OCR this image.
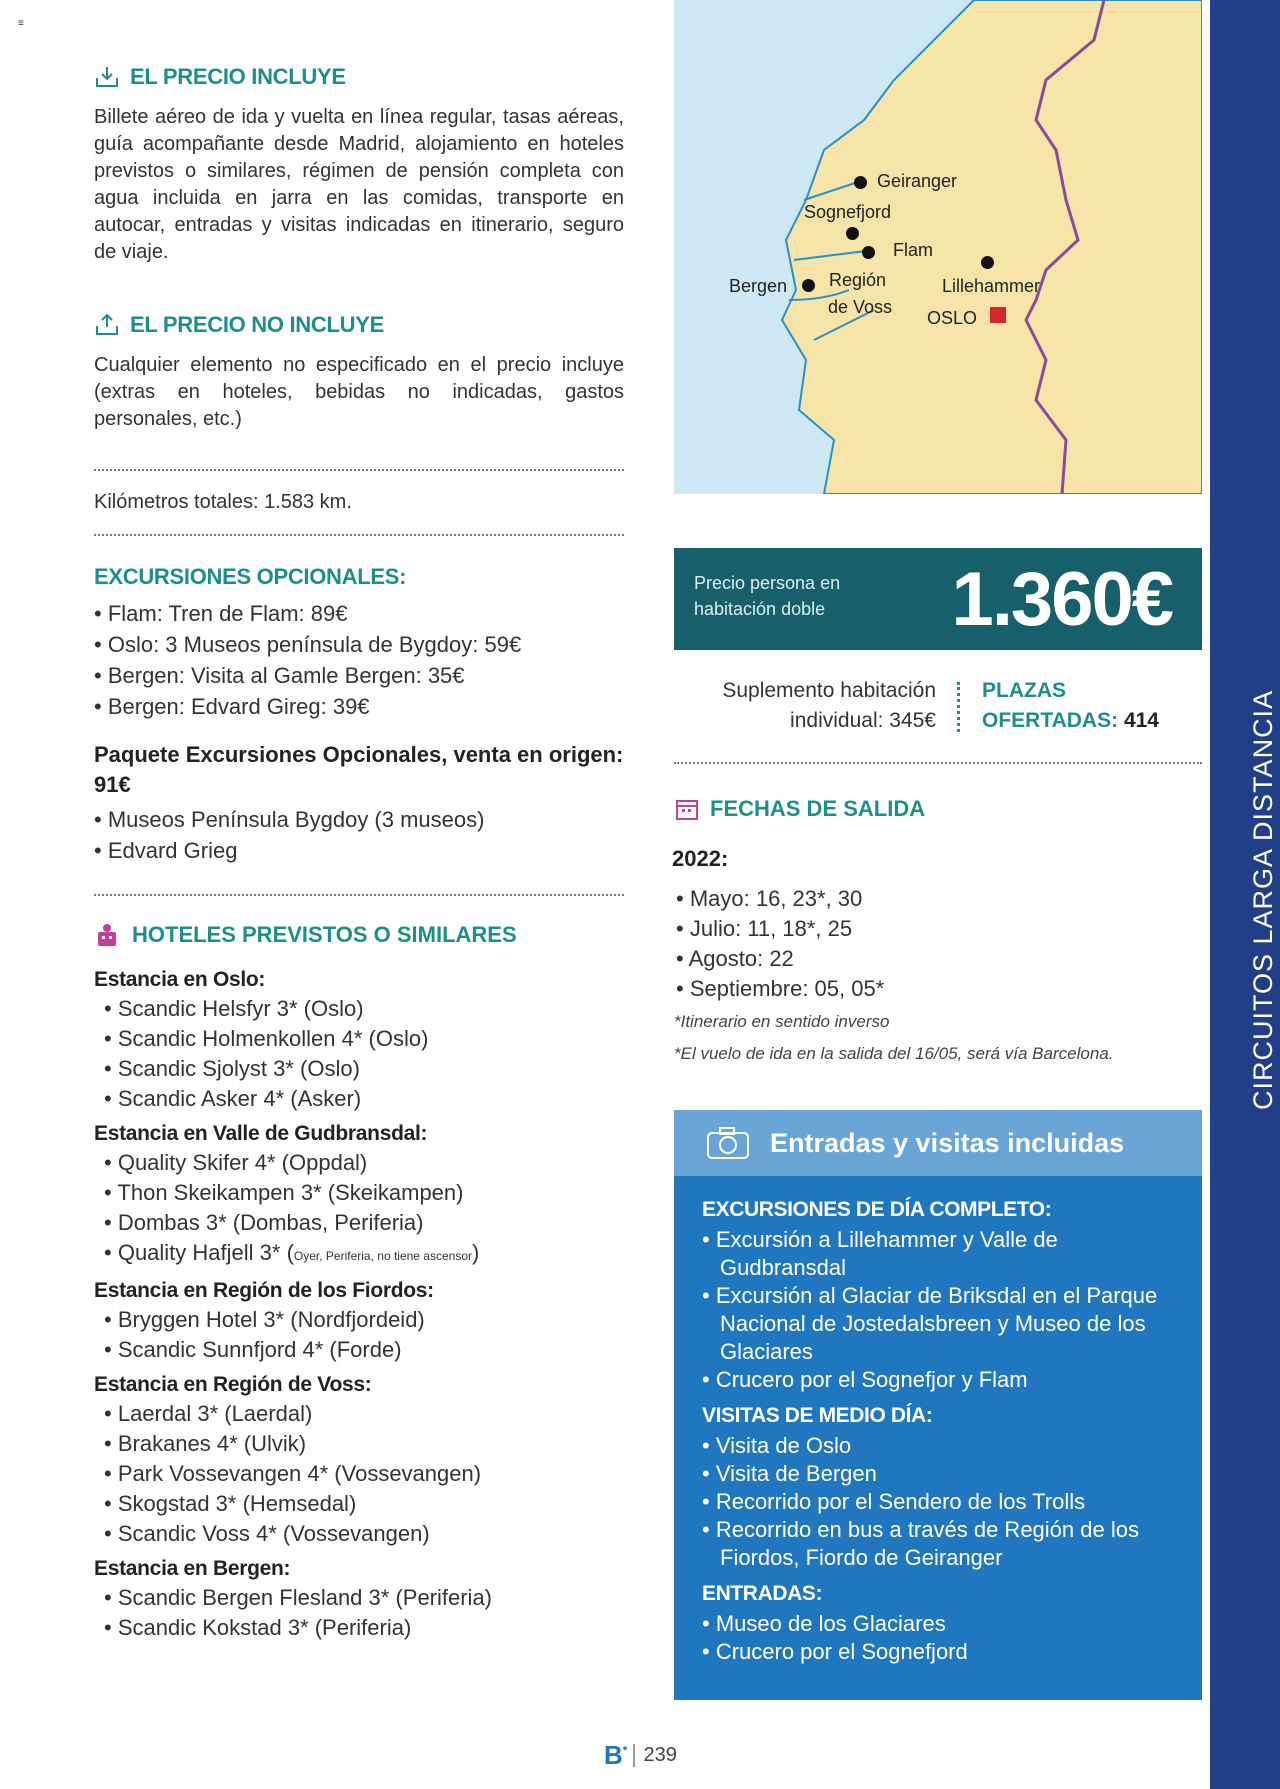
≡
EL PRECIO INCLUYE
Billete aéreo de ida y vuelta en línea regular, tasas aéreas, guía acompañante desde Madrid, alojamiento en hoteles previstos o similares, régimen de pensión completa con agua incluida en jarra en las comidas, transporte en autocar, entradas y visitas indicadas en itinerario, seguro de viaje.
EL PRECIO NO INCLUYE
Cualquier elemento no especificado en el precio incluye (extras en hoteles, bebidas no indicadas, gastos personales, etc.)
Kilómetros totales: 1.583 km.
EXCURSIONES OPCIONALES:
• Flam: Tren de Flam: 89€
• Oslo: 3 Museos península de Bygdoy: 59€
• Bergen: Visita al Gamle Bergen: 35€
• Bergen: Edvard Gireg: 39€
Paquete Excursiones Opcionales, venta en origen: 91€
• Museos Península Bygdoy (3 museos)
• Edvard Grieg
HOTELES PREVISTOS O SIMILARES
Estancia en Oslo:
• Scandic Helsfyr 3* (Oslo)
• Scandic Holmenkollen 4* (Oslo)
• Scandic Sjolyst 3* (Oslo)
• Scandic Asker 4* (Asker)
Estancia en Valle de Gudbransdal:
• Quality Skifer 4* (Oppdal)
• Thon Skeikampen 3* (Skeikampen)
• Dombas 3* (Dombas, Periferia)
• Quality Hafjell 3* (Oyer, Periferia, no tiene ascensor)
Estancia en Región de los Fiordos:
• Bryggen Hotel 3* (Nordfjordeid)
• Scandic Sunnfjord 4* (Forde)
Estancia en Región de Voss:
• Laerdal 3* (Laerdal)
• Brakanes 4* (Ulvik)
• Park Vossevangen 4* (Vossevangen)
• Skogstad 3* (Hemsedal)
• Scandic Voss 4* (Vossevangen)
Estancia en Bergen:
• Scandic Bergen Flesland 3* (Periferia)
• Scandic Kokstad 3* (Periferia)
Geiranger
Sognefjord
Flam
Bergen Región
de Voss
Lillehammer
OSLO
Precio persona en habitación doble	1.360€
Suplemento habitación
individual: 345€
PLAZAS
OFERTADAS: 414
FECHAS DE SALIDA
2022:
• Mayo: 16, 23*, 30
• Julio: 11, 18*, 25
• Agosto: 22
• Septiembre: 05, 05*
*Itinerario en sentido inverso
*El vuelo de ida en la salida del 16/05, será vía Barcelona.
Entradas y visitas incluidas
EXCURSIONES DE DÍA COMPLETO:
• Excursión a Lillehammer y Valle de Gudbransdal
• Excursión al Glaciar de Briksdal en el Parque Nacional de Jostedalsbreen y Museo de los Glaciares
• Crucero por el Sognefjor y Flam
VISITAS DE MEDIO DÍA:
• Visita de Oslo
• Visita de Bergen
• Recorrido por el Sendero de los Trolls
• Recorrido en bus a través de Región de los Fiordos, Fiordo de Geiranger
ENTRADAS:
• Museo de los Glaciares
• Crucero por el Sognefjord
CIRCUITOS LARGA DISTANCIA
B* 239
